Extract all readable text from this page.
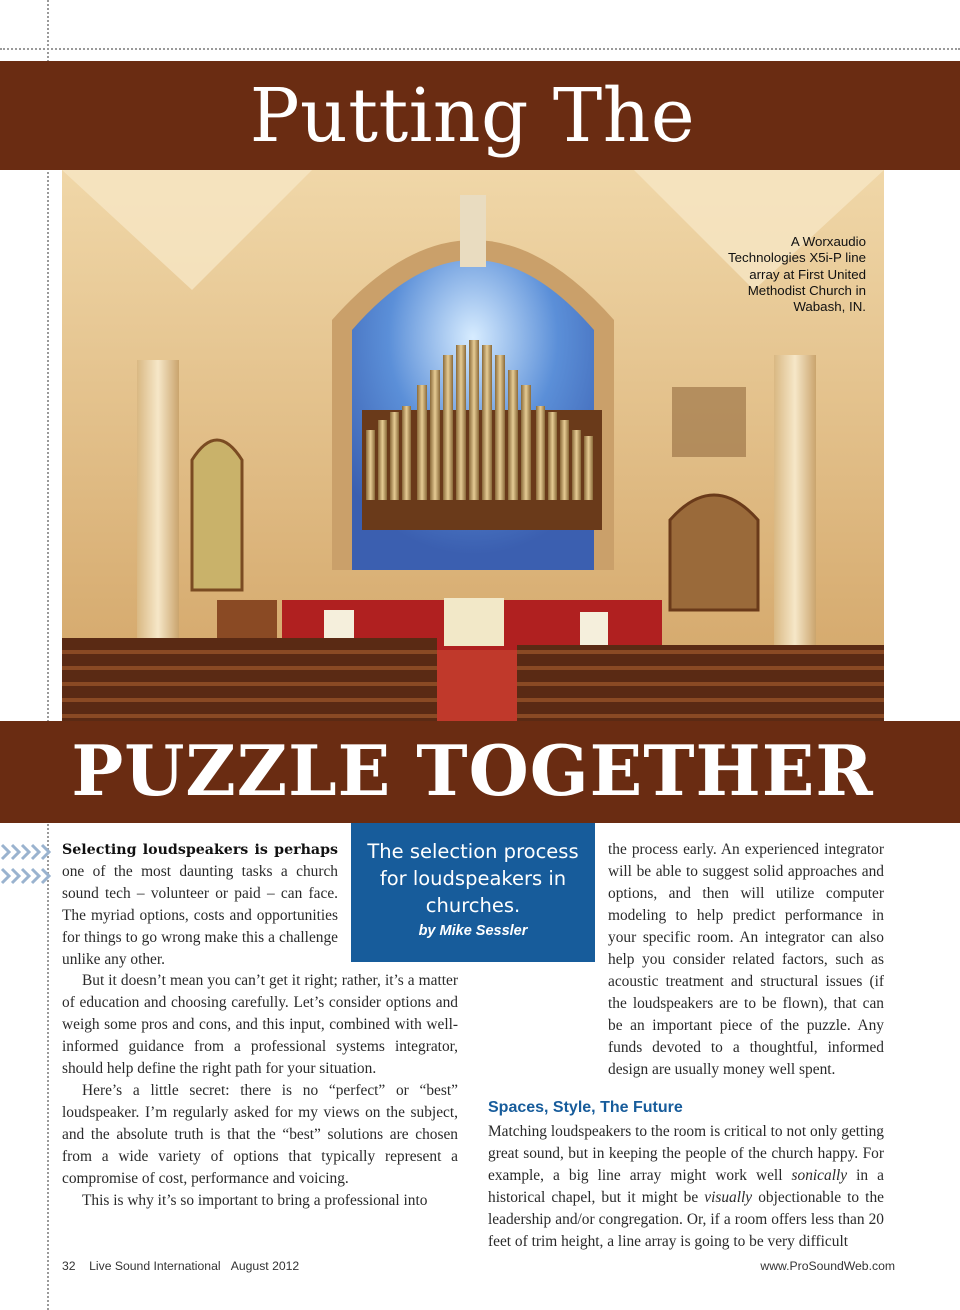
Putting The
A Worxaudio Technologies X5i-P line array at First United Methodist Church in Wabash, IN.
PUZZLE TOGETHER

Selecting loudspeakers is perhaps one of the most daunting tasks a church sound tech – volunteer or paid – can face. The myriad options, costs and opportunities for things to go wrong make this a challenge unlike any other.

But it doesn’t mean you can’t get it right; rather, it’s a matter of education and choosing carefully. Let’s consider options and weigh some pros and cons, and this input, combined with well-informed guidance from a professional systems integrator, should help define the right path for your situation.

Here’s a little secret: there is no “perfect” or “best” loudspeaker. I’m regularly asked for my views on the subject, and the absolute truth is that the “best” solutions are chosen from a wide variety of options that typically represent a compromise of cost, performance and voicing.

This is why it’s so important to bring a professional into

The selection process for loudspeakers in churches.
by Mike Sessler

the process early. An experienced integrator will be able to suggest solid approaches and options, and then will utilize computer modeling to help predict performance in your specific room. An integrator can also help you consider related factors, such as acoustic treatment and structural issues (if the loudspeakers are to be flown), that can be an important piece of the puzzle. Any funds devoted to a thoughtful, informed design are usually money well spent.

Spaces, Style, The Future

Matching loudspeakers to the room is critical to not only getting great sound, but in keeping the people of the church happy. For example, a big line array might work well sonically in a historical chapel, but it might be visually objectionable to the leadership and/or congregation. Or, if a room offers less than 20 feet of trim height, a line array is going to be very difficult

32 Live Sound International August 2012	www.ProSoundWeb.com
